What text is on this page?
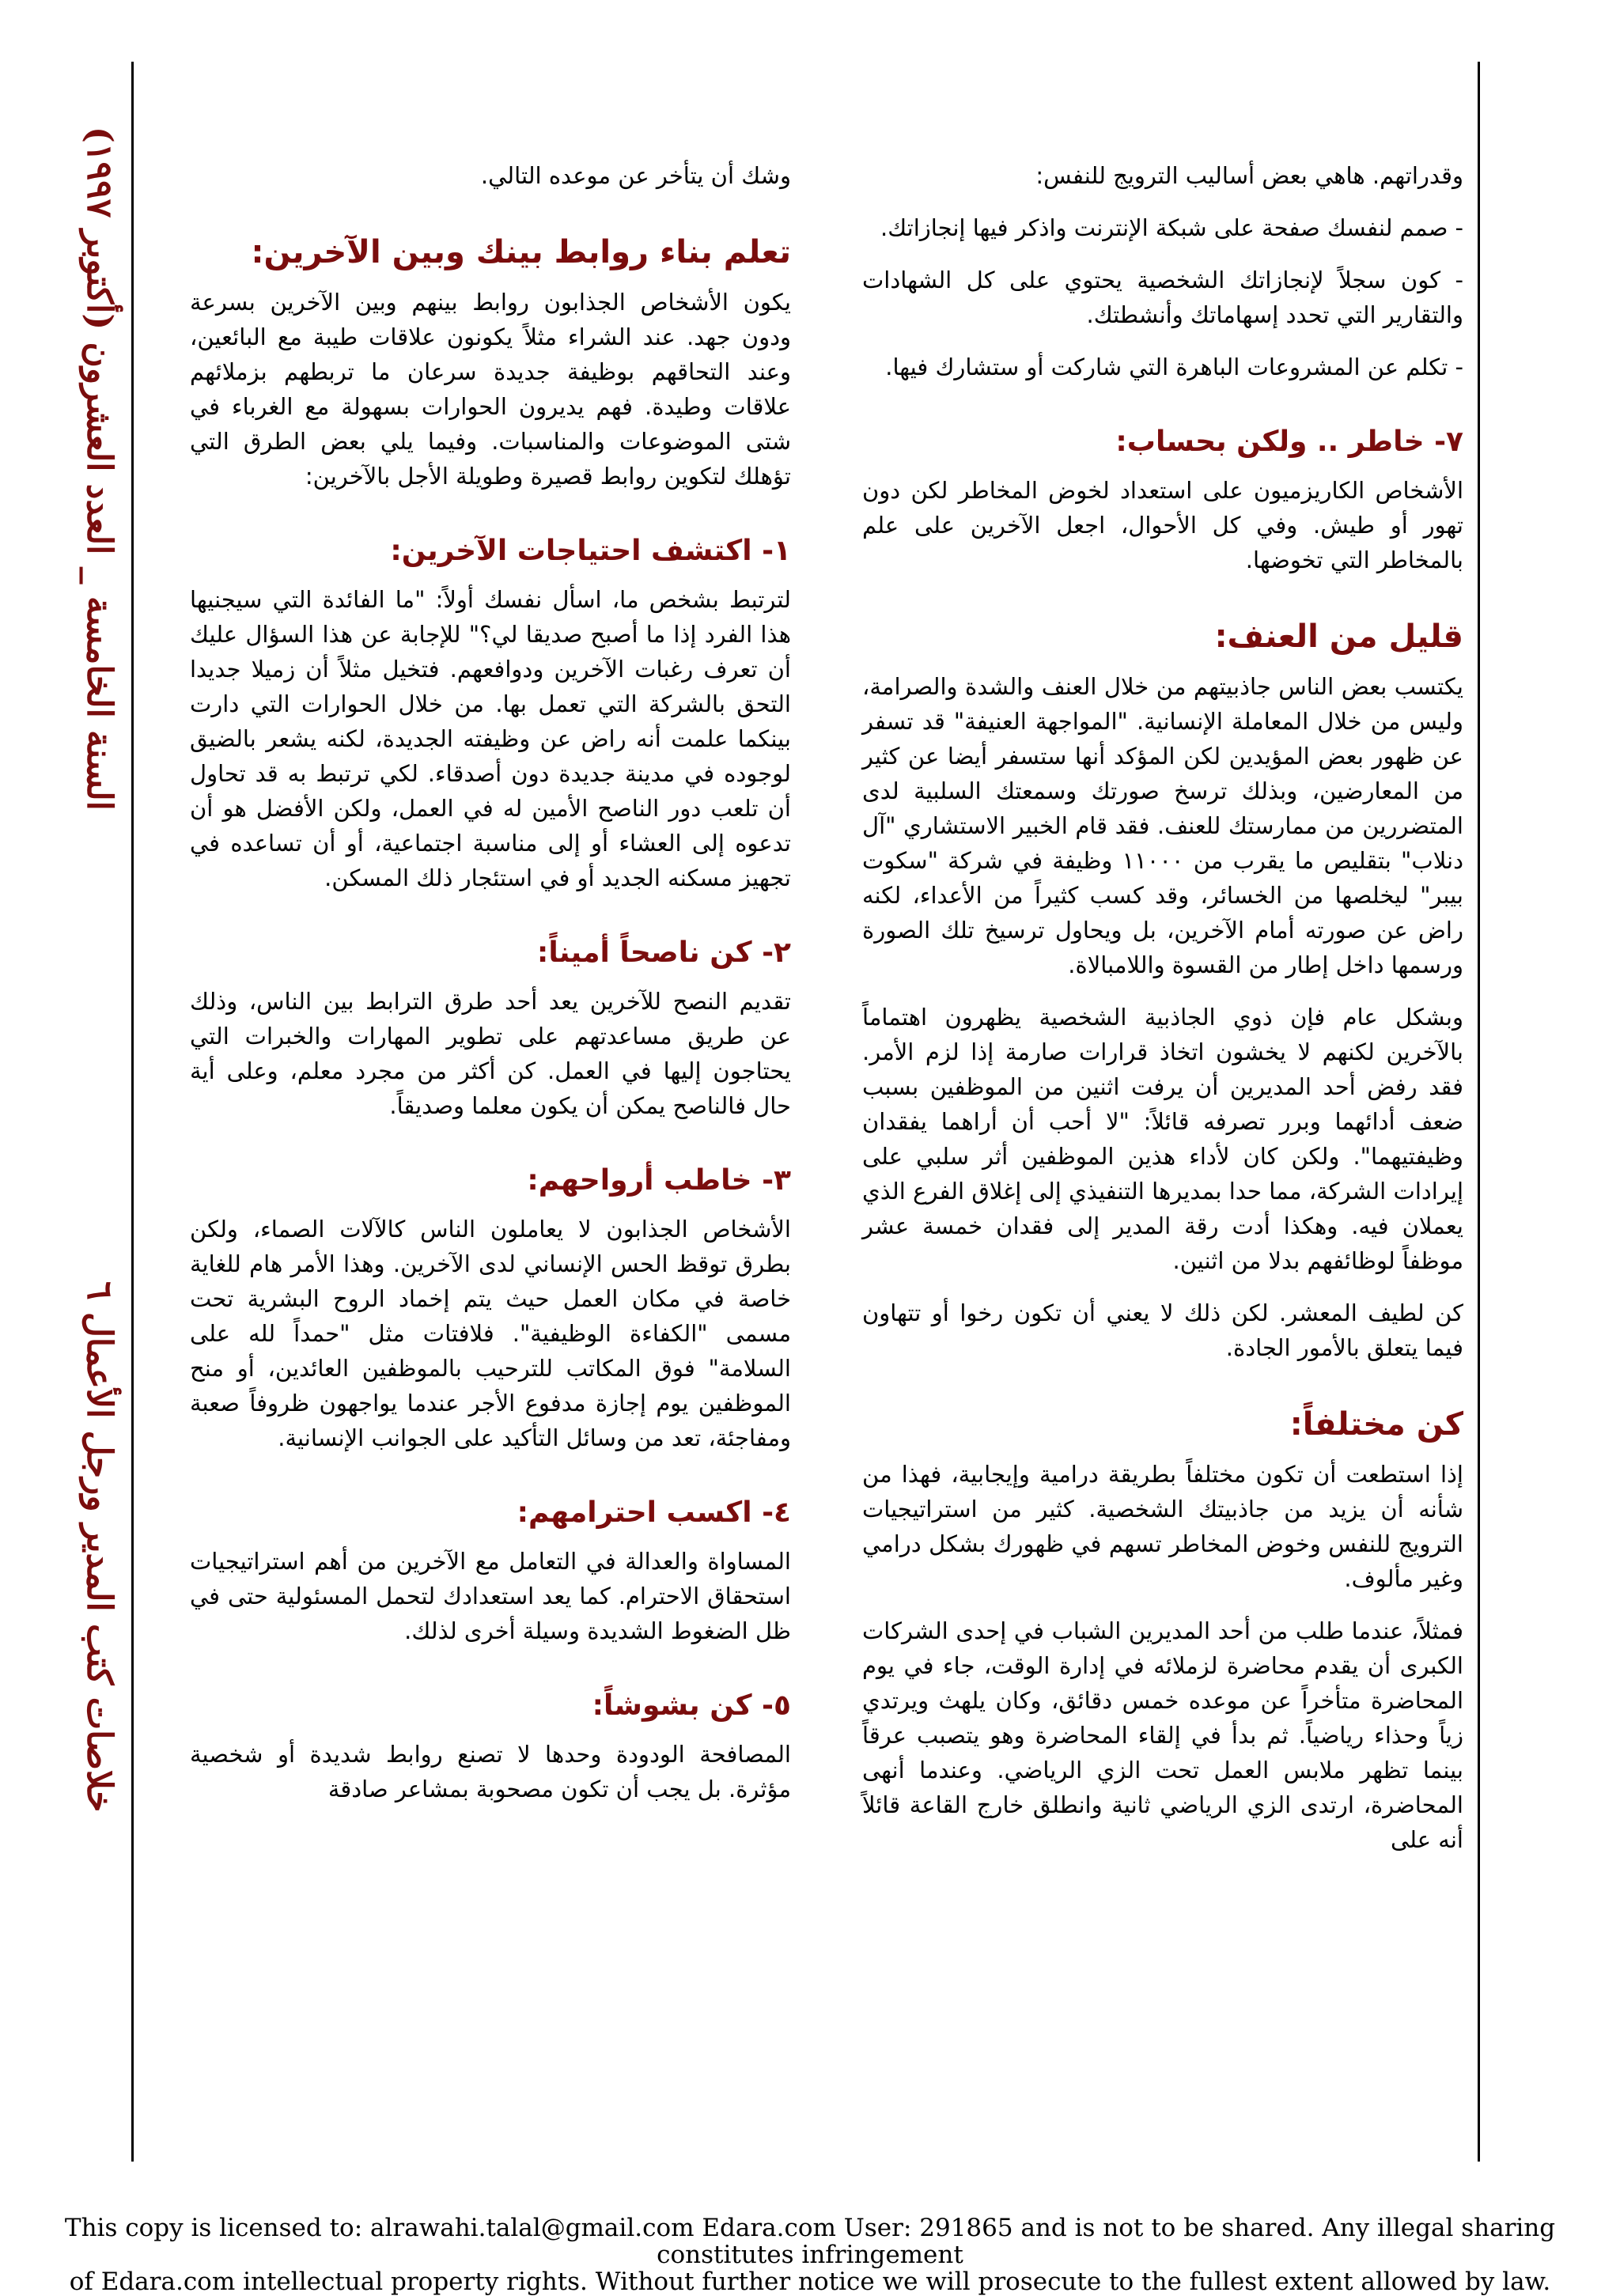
السنة الخامسة _ العدد العشرون (أكتوبر ١٩٩٧)
خلاصات كتب المدير ورجل الأعمال ٦

وقدراتهم. هاهي بعض أساليب الترويج للنفس:

- صمم لنفسك صفحة على شبكة الإنترنت واذكر فيها إنجازاتك.

- كون سجلاً لإنجازاتك الشخصية يحتوي على كل الشهادات والتقارير التي تحدد إسهاماتك وأنشطتك.

- تكلم عن المشروعات الباهرة التي شاركت أو ستشارك فيها.

٧- خاطر .. ولكن بحساب:

الأشخاص الكاريزميون على استعداد لخوض المخاطر لكن دون تهور أو طيش. وفي كل الأحوال، اجعل الآخرين على علم بالمخاطر التي تخوضها.

قليل من العنف:

يكتسب بعض الناس جاذبيتهم من خلال العنف والشدة والصرامة، وليس من خلال المعاملة الإنسانية. "المواجهة العنيفة" قد تسفر عن ظهور بعض المؤيدين لكن المؤكد أنها ستسفر أيضا عن كثير من المعارضين، وبذلك ترسخ صورتك وسمعتك السلبية لدى المتضررين من ممارستك للعنف. فقد قام الخبير الاستشاري "آل دنلاب" بتقليص ما يقرب من ١١٠٠٠ وظيفة في شركة "سكوت بيبر" ليخلصها من الخسائر، وقد كسب كثيراً من الأعداء، لكنه راض عن صورته أمام الآخرين، بل ويحاول ترسيخ تلك الصورة ورسمها داخل إطار من القسوة واللامبالاة.

وبشكل عام فإن ذوي الجاذبية الشخصية يظهرون اهتماماً بالآخرين لكنهم لا يخشون اتخاذ قرارات صارمة إذا لزم الأمر. فقد رفض أحد المديرين أن يرفت اثنين من الموظفين بسبب ضعف أدائهما وبرر تصرفه قائلاً: "لا أحب أن أراهما يفقدان وظيفتيهما". ولكن كان لأداء هذين الموظفين أثر سلبي على إيرادات الشركة، مما حدا بمديرها التنفيذي إلى إغلاق الفرع الذي يعملان فيه. وهكذا أدت رقة المدير إلى فقدان خمسة عشر موظفاً لوظائفهم بدلا من اثنين.

كن لطيف المعشر. لكن ذلك لا يعني أن تكون رخوا أو تتهاون فيما يتعلق بالأمور الجادة.

كن مختلفاً:

إذا استطعت أن تكون مختلفاً بطريقة درامية وإيجابية، فهذا من شأنه أن يزيد من جاذبيتك الشخصية. كثير من استراتيجيات الترويج للنفس وخوض المخاطر تسهم في ظهورك بشكل درامي وغير مألوف.

فمثلاً، عندما طلب من أحد المديرين الشباب في إحدى الشركات الكبرى أن يقدم محاضرة لزملائه في إدارة الوقت، جاء في يوم المحاضرة متأخراً عن موعده خمس دقائق، وكان يلهث ويرتدي زياً وحذاء رياضياً. ثم بدأ في إلقاء المحاضرة وهو يتصبب عرقاً بينما تظهر ملابس العمل تحت الزي الرياضي. وعندما أنهى المحاضرة، ارتدى الزي الرياضي ثانية وانطلق خارج القاعة قائلاً أنه على

وشك أن يتأخر عن موعده التالي.

تعلم بناء روابط بينك وبين الآخرين:

يكون الأشخاص الجذابون روابط بينهم وبين الآخرين بسرعة ودون جهد. عند الشراء مثلاً يكونون علاقات طيبة مع البائعين، وعند التحاقهم بوظيفة جديدة سرعان ما تربطهم بزملائهم علاقات وطيدة. فهم يديرون الحوارات بسهولة مع الغرباء في شتى الموضوعات والمناسبات. وفيما يلي بعض الطرق التي تؤهلك لتكوين روابط قصيرة وطويلة الأجل بالآخرين:

١- اكتشف احتياجات الآخرين:

لترتبط بشخص ما، اسأل نفسك أولاً: "ما الفائدة التي سيجنيها هذا الفرد إذا ما أصبح صديقا لي؟" للإجابة عن هذا السؤال عليك أن تعرف رغبات الآخرين ودوافعهم. فتخيل مثلاً أن زميلا جديدا التحق بالشركة التي تعمل بها. من خلال الحوارات التي دارت بينكما علمت أنه راض عن وظيفته الجديدة، لكنه يشعر بالضيق لوجوده في مدينة جديدة دون أصدقاء. لكي ترتبط به قد تحاول أن تلعب دور الناصح الأمين له في العمل، ولكن الأفضل هو أن تدعوه إلى العشاء أو إلى مناسبة اجتماعية، أو أن تساعده في تجهيز مسكنه الجديد أو في استئجار ذلك المسكن.

٢- كن ناصحاً أميناً:

تقديم النصح للآخرين يعد أحد طرق الترابط بين الناس، وذلك عن طريق مساعدتهم على تطوير المهارات والخبرات التي يحتاجون إليها في العمل. كن أكثر من مجرد معلم، وعلى أية حال فالناصح يمكن أن يكون معلما وصديقاً.

٣- خاطب أرواحهم:

الأشخاص الجذابون لا يعاملون الناس كالآلات الصماء، ولكن بطرق توقظ الحس الإنساني لدى الآخرين. وهذا الأمر هام للغاية خاصة في مكان العمل حيث يتم إخماد الروح البشرية تحت مسمى "الكفاءة الوظيفية". فلافتات مثل "حمداً لله على السلامة" فوق المكاتب للترحيب بالموظفين العائدين، أو منح الموظفين يوم إجازة مدفوع الأجر عندما يواجهون ظروفاً صعبة ومفاجئة، تعد من وسائل التأكيد على الجوانب الإنسانية.

٤- اكسب احترامهم:

المساواة والعدالة في التعامل مع الآخرين من أهم استراتيجيات استحقاق الاحترام. كما يعد استعدادك لتحمل المسئولية حتى في ظل الضغوط الشديدة وسيلة أخرى لذلك.

٥- كن بشوشاً:

المصافحة الودودة وحدها لا تصنع روابط شديدة أو شخصية مؤثرة. بل يجب أن تكون مصحوبة بمشاعر صادقة

This copy is licensed to: alrawahi.talal@gmail.com Edara.com User: 291865 and is not to be shared. Any illegal sharing constitutes infringement
of Edara.com intellectual property rights. Without further notice we will prosecute to the fullest extent allowed by law.
